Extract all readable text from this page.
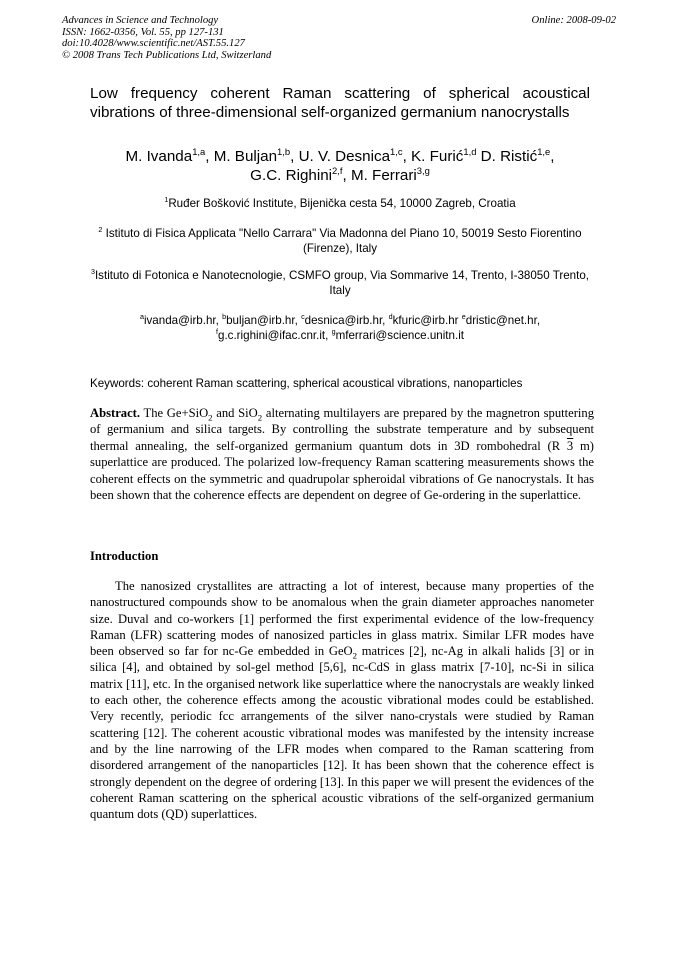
Advances in Science and Technology
ISSN: 1662-0356, Vol. 55, pp 127-131
doi:10.4028/www.scientific.net/AST.55.127
© 2008 Trans Tech Publications Ltd, Switzerland
Online: 2008-09-02
Low frequency coherent Raman scattering of spherical acoustical
vibrations of three-dimensional self-organized germanium nanocrystalls
M. Ivanda$^{1,a}$, M. Buljan$^{1,b}$, U. V. Desnica$^{1,c}$, K. Furić$^{1,d}$ D. Ristić$^{1,e}$,
G.C. Righini$^{2,f}$, M. Ferrari$^{3,g}$
$^1$Ruđer Bošković Institute, Bijenička cesta 54, 10000 Zagreb, Croatia
$^2$ Istituto di Fisica Applicata "Nello Carrara" Via Madonna del Piano 10, 50019 Sesto Fiorentino (Firenze), Italy
$^3$Istituto di Fotonica e Nanotecnologie, CSMFO group, Via Sommarive 14, Trento, I-38050 Trento, Italy
$^a$ivanda@irb.hr, $^b$buljan@irb.hr, $^c$desnica@irb.hr, $^d$kfuric@irb.hr $^e$dristic@net.hr,
$^f$g.c.righini@ifac.cnr.it, $^g$mferrari@science.unitn.it
Keywords: coherent Raman scattering, spherical acoustical vibrations, nanoparticles
Abstract. The Ge+SiO$_2$ and SiO$_2$ alternating multilayers are prepared by the magnetron sputtering of germanium and silica targets. By controlling the substrate temperature and by subsequent thermal annealing, the self-organized germanium quantum dots in 3D rombohedral (R 3 m) superlattice are produced. The polarized low-frequency Raman scattering measurements shows the coherent effects on the symmetric and quadrupolar spheroidal vibrations of Ge nanocrystals. It has been shown that the coherence effects are dependent on degree of Ge-ordering in the superlattice.
Introduction

The nanosized crystallites are attracting a lot of interest, because many properties of the nanostructured compounds show to be anomalous when the grain diameter approaches nanometer size. Duval and co-workers [1] performed the first experimental evidence of the low-frequency Raman (LFR) scattering modes of nanosized particles in glass matrix. Similar LFR modes have been observed so far for nc-Ge embedded in GeO$_2$ matrices [2], nc-Ag in alkali halids [3] or in silica [4], and obtained by sol-gel method [5,6], nc-CdS in glass matrix [7-10], nc-Si in silica matrix [11], etc. In the organised network like superlattice where the nanocrystals are weakly linked to each other, the coherence effects among the acoustic vibrational modes could be established. Very recently, periodic fcc arrangements of the silver nano-crystals were studied by Raman scattering [12]. The coherent acoustic vibrational modes was manifested by the intensity increase and by the line narrowing of the LFR modes when compared to the Raman scattering from disordered arrangement of the nanoparticles [12]. It has been shown that the coherence effect is strongly dependent on the degree of ordering [13]. In this paper we will present the evidences of the coherent Raman scattering on the spherical acoustic vibrations of the self-organized germanium quantum dots (QD) superlattices.
